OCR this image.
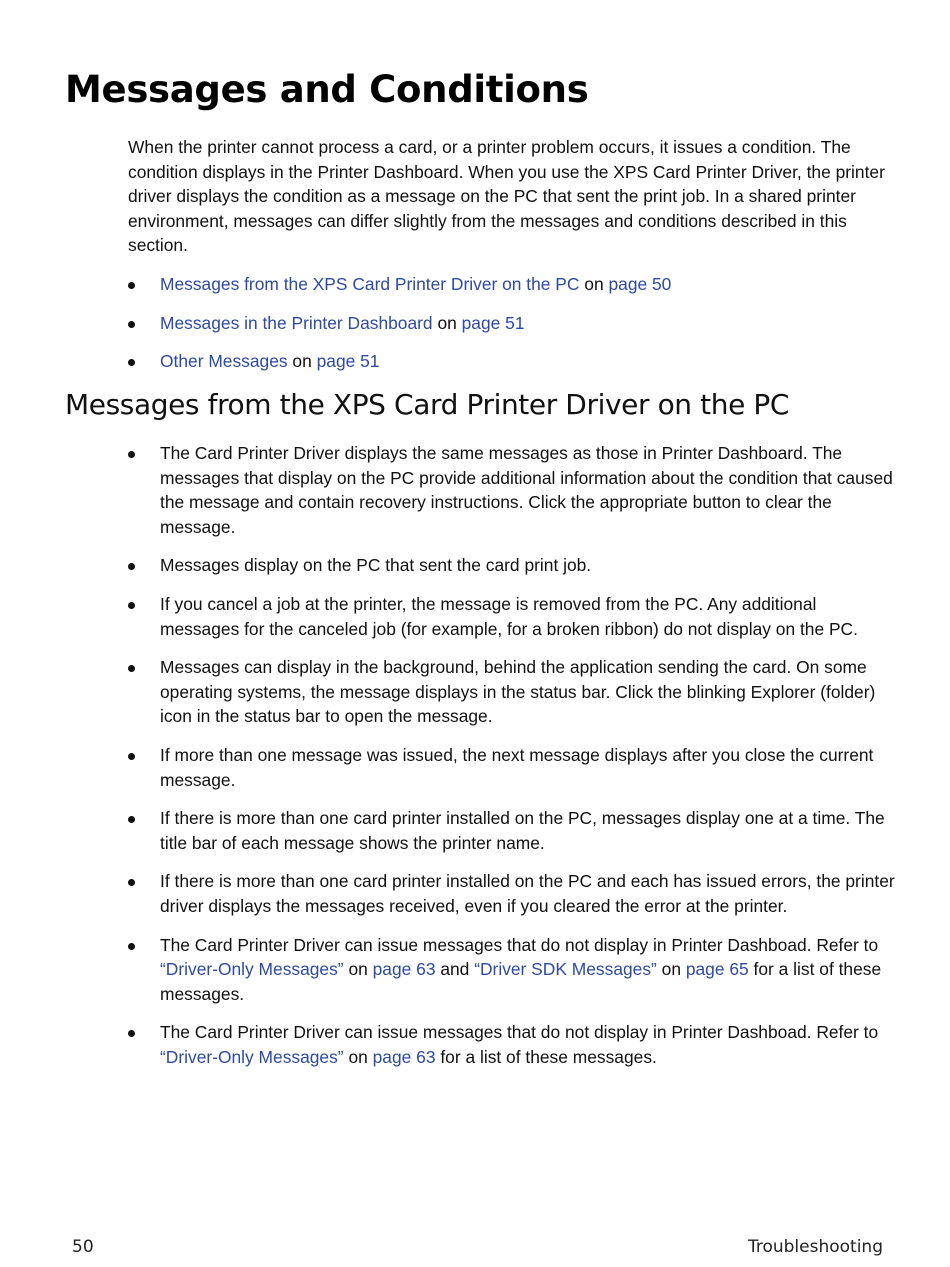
Messages and Conditions

When the printer cannot process a card, or a printer problem occurs, it issues a condition. The condition displays in the Printer Dashboard. When you use the XPS Card Printer Driver, the printer driver displays the condition as a message on the PC that sent the print job. In a shared printer environment, messages can differ slightly from the messages and conditions described in this section.

Messages from the XPS Card Printer Driver on the PC on page 50
Messages in the Printer Dashboard on page 51
Other Messages on page 51
Messages from the XPS Card Printer Driver on the PC
The Card Printer Driver displays the same messages as those in Printer Dashboard. The messages that display on the PC provide additional information about the condition that caused the message and contain recovery instructions. Click the appropriate button to clear the message.
Messages display on the PC that sent the card print job.
If you cancel a job at the printer, the message is removed from the PC. Any additional messages for the canceled job (for example, for a broken ribbon) do not display on the PC.
Messages can display in the background, behind the application sending the card. On some operating systems, the message displays in the status bar. Click the blinking Explorer (folder) icon in the status bar to open the message.
If more than one message was issued, the next message displays after you close the current message.
If there is more than one card printer installed on the PC, messages display one at a time. The title bar of each message shows the printer name.
If there is more than one card printer installed on the PC and each has issued errors, the printer driver displays the messages received, even if you cleared the error at the printer.
The Card Printer Driver can issue messages that do not display in Printer Dashboad. Refer to “Driver-Only Messages” on page 63 and “Driver SDK Messages” on page 65 for a list of these messages.
The Card Printer Driver can issue messages that do not display in Printer Dashboad. Refer to “Driver-Only Messages” on page 63 for a list of these messages.
50	Troubleshooting
